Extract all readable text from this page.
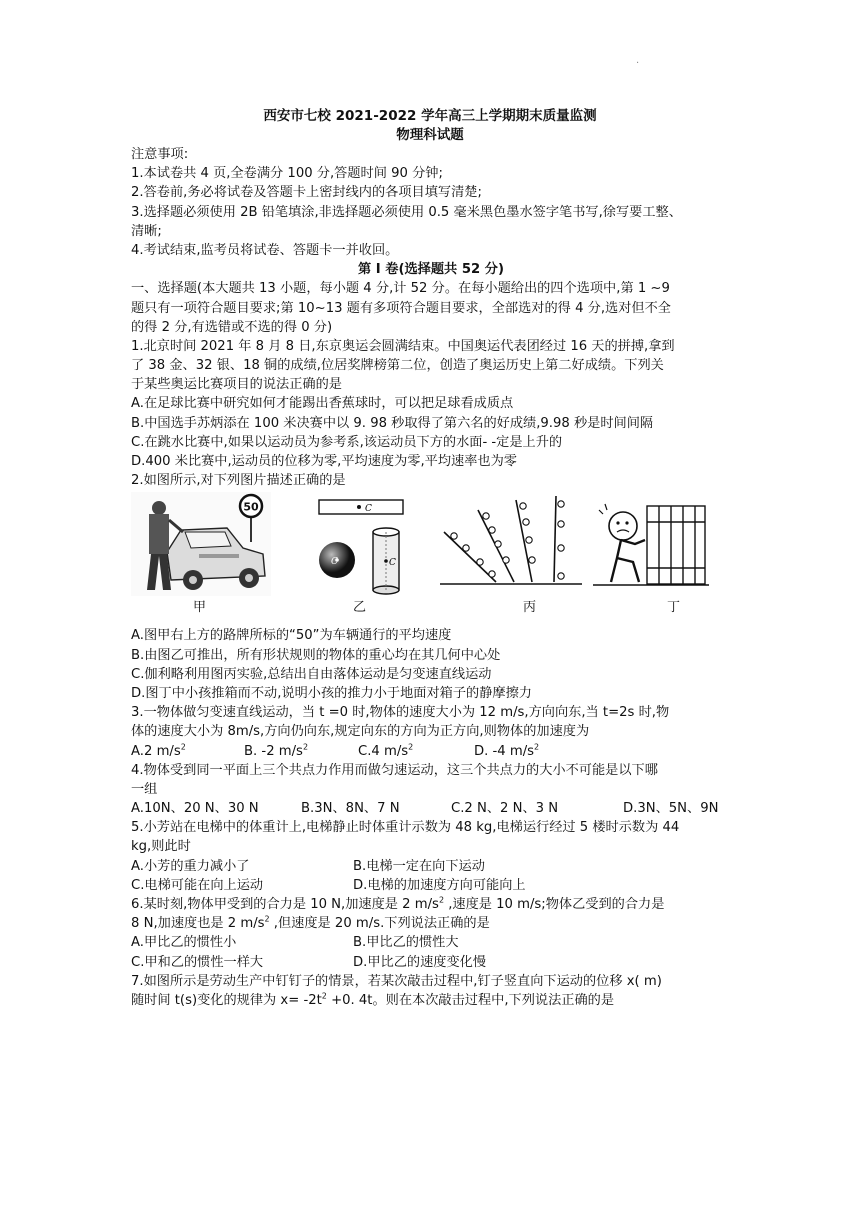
·
西安市七校 2021-2022 学年高三上学期期末质量监测
物理科试题
注意事项:
1.本试卷共 4 页,全卷满分 100 分,答题时间 90 分钟;
2.答卷前,务必将试卷及答题卡上密封线内的各项目填写清楚;
3.选择题必须使用 2B 铅笔填涂,非选择题必须使用 0.5 毫米黑色墨水签字笔书写,徐写要工整、
清晰;
4.考试结束,监考员将试卷、答题卡一并收回。
第 I 卷(选择题共 52 分)
一、选择题(本大题共 13 小题，每小题 4 分,计 52 分。在每小题给出的四个选项中,第 1 ~9
题只有一项符合题目要求;第 10~13 题有多项符合题目要求，全部选对的得 4 分,选对但不全
的得 2 分,有选错或不选的得 0 分)
1.北京时间 2021 年 8 月 8 日,东京奥运会圆满结束。中国奥运代表团经过 16 天的拼搏,拿到
了 38 金、32 银、18 铜的成绩,位居奖牌榜第二位，创造了奥运历史上第二好成绩。下列关
于某些奥运比赛项目的说法正确的是
A.在足球比赛中研究如何才能踢出香蕉球时，可以把足球看成质点
B.中国选手苏炳添在 100 米决赛中以 9. 98 秒取得了第六名的好成绩,9.98 秒是时间间隔
C.在跳水比赛中,如果以运动员为参考系,该运动员下方的水面- -定是上升的
D.400 米比赛中,运动员的位移为零,平均速度为零,平均速率也为零
2.如图所示,对下列图片描述正确的是
50	C
C	C
甲	乙	丙	丁
A.图甲右上方的路牌所标的“50”为车辆通行的平均速度
B.由图乙可推出，所有形状规则的物体的重心均在其几何中心处
C.伽利略利用图丙实验,总结出自由落体运动是匀变速直线运动
D.图丁中小孩推箱而不动,说明小孩的推力小于地面对箱子的静摩擦力
3.一物体做匀变速直线运动，当 t =0 时,物体的速度大小为 12 m/s,方向向东,当 t=2s 时,物
体的速度大小为 8m/s,方向仍向东,规定向东的方向为正方向,则物体的加速度为
A.2 $m/s^2$	B. -2 $m/s^2$	C.4 $m/s^2$	D. -4 $m/s^2$
4.物体受到同一平面上三个共点力作用而做匀速运动，这三个共点力的大小不可能是以下哪
一组
A.10N、20 N、30 N	B.3N、8N、7 N	C.2 N、2 N、3 N	D.3N、5N、9N
5.小芳站在电梯中的体重计上,电梯静止时体重计示数为 48 kg,电梯运行经过 5 楼时示数为 44
kg,则此时
A.小芳的重力减小了	B.电梯一定在向下运动
C.电梯可能在向上运动	D.电梯的加速度方向可能向上
6.某时刻,物体甲受到的合力是 10 N,加速度是 2 $m/s^2$ ,速度是 10 m/s;物体乙受到的合力是
8 N,加速度也是 2 $m/s^2$ ,但速度是 20 m/s.下列说法正确的是
A.甲比乙的惯性小	B.甲比乙的惯性大
C.甲和乙的惯性一样大	D.甲比乙的速度变化慢
7.如图所示是劳动生产中钉钉子的情景，若某次敲击过程中,钉子竖直向下运动的位移 x( m)
随时间 t(s)变化的规律为 $x= -2t^2 +0$. 4t。则在本次敲击过程中,下列说法正确的是
